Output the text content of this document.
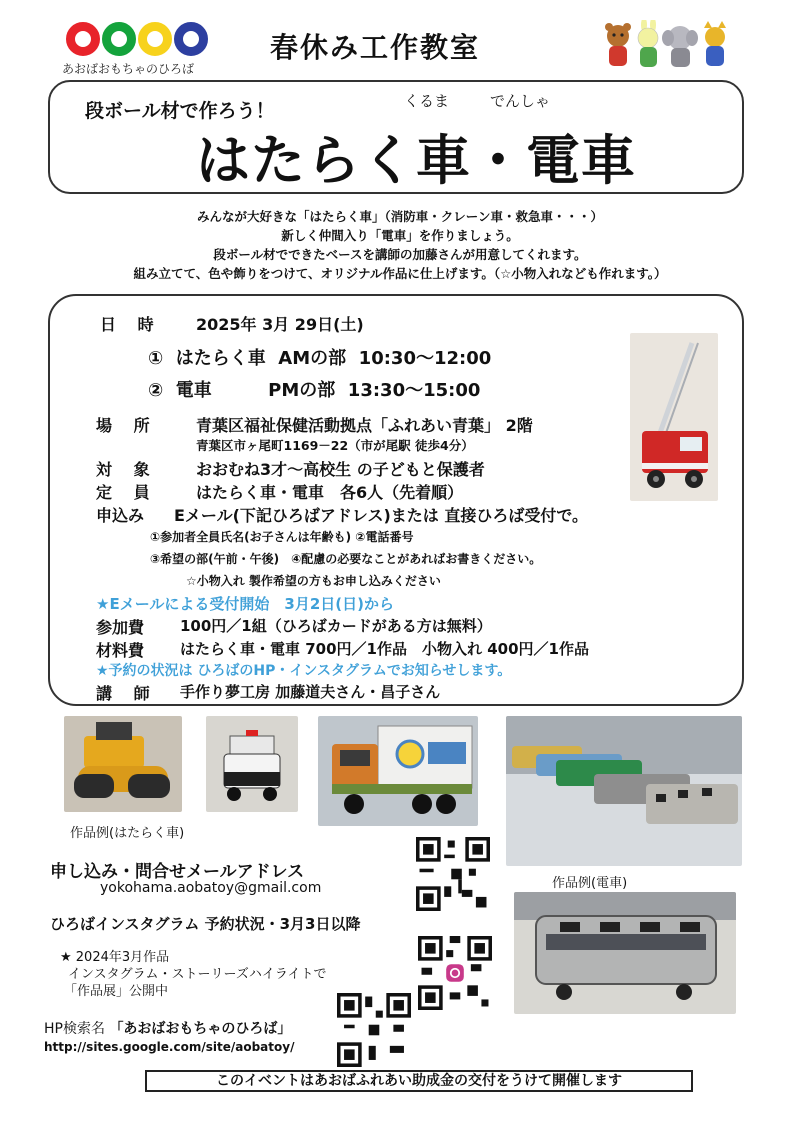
あおばおもちゃのひろば
春休み工作教室
段ボール材で作ろう！	くるま	でんしゃ
はたらく車・電車
みんなが大好きな「はたらく車」（消防車・クレーン車・救急車・・・）
新しく仲間入り「電車」を作りましょう。
段ボール材でできたベースを講師の加藤さんが用意してくれます。
組み立てて、色や飾りをつけて、オリジナル作品に仕上げます。（☆小物入れなども作れます。）
日 時 2025年 3月 29日(土)
①  はたらく車  AMの部  10:30〜12:00
②  電車         PMの部  13:30〜15:00
場 所 青葉区福祉保健活動拠点「ふれあい青葉」 2階
青葉区市ヶ尾町1169－22（市が尾駅 徒歩4分）
対 象 おおむね3才〜高校生 の子どもと保護者
定 員 はたらく車・電車　各6人（先着順）
申込み Eメール(下記ひろばアドレス)または 直接ひろば受付で。
①参加者全員氏名(お子さんは年齢も) ②電話番号
③希望の部(午前・午後)　④配慮の必要なことがあればお書きください。
☆小物入れ 製作希望の方もお申し込みください
★Eメールによる受付開始　3月2日(日)から
参加費 100円／1組（ひろばカードがある方は無料）
材料費 はたらく車・電車 700円／1作品　小物入れ 400円／1作品
★予約の状況は ひろばのHP・インスタグラムでお知らせします。
講 師 手作り夢工房 加藤道夫さん・昌子さん
作品例(はたらく車)
作品例(電車)
申し込み・問合せメールアドレス
yokohama.aobatoy@gmail.com
ひろばインスタグラム 予約状況・3月3日以降
★ 2024年3月作品
インスタグラム・ストーリーズハイライトで
「作品展」公開中
HP検索名 「あおばおもちゃのひろば」
http://sites.google.com/site/aobatoy/
このイベントはあおばふれあい助成金の交付をうけて開催します
